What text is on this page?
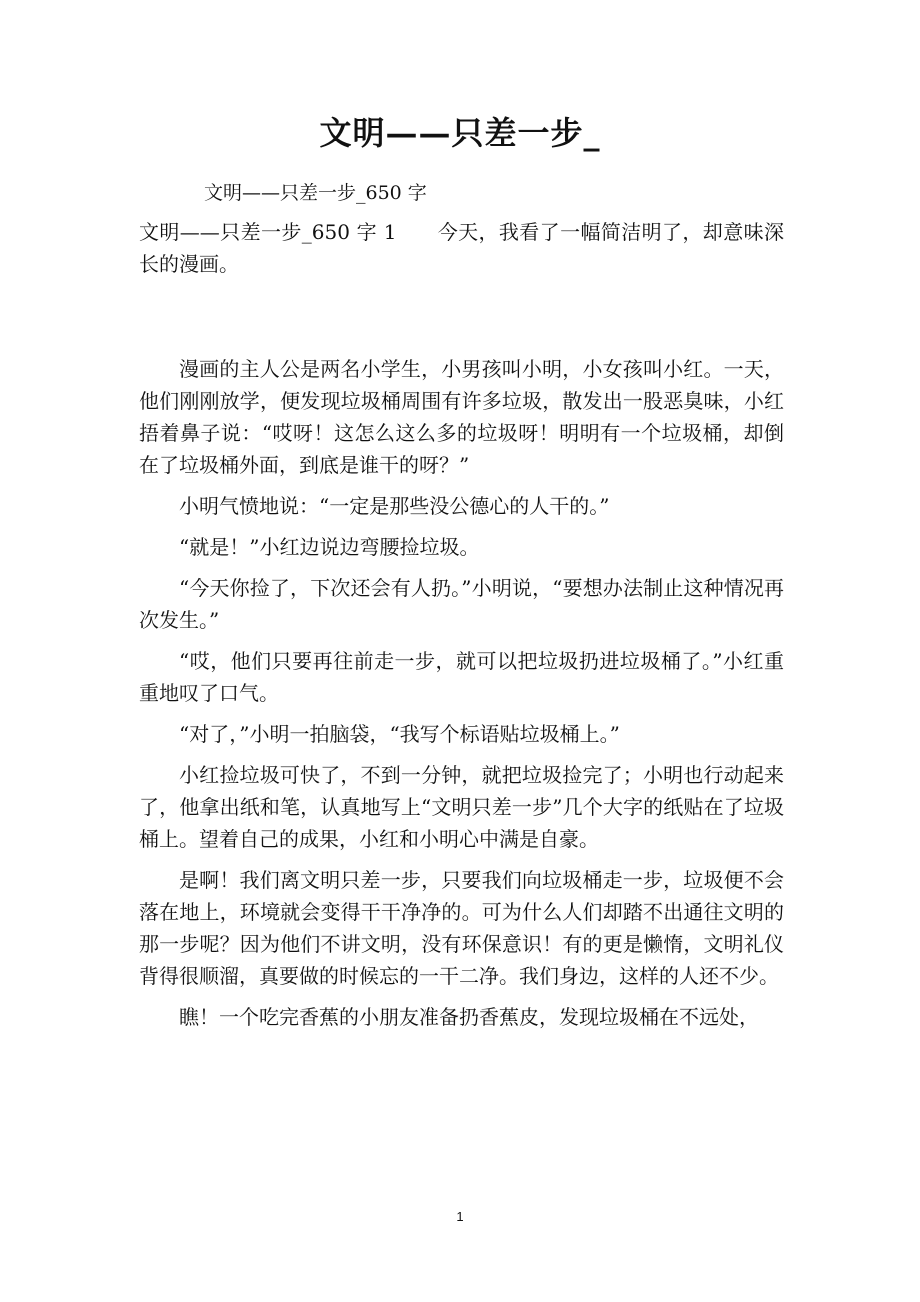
文明——只差一步_
文明——只差一步_650 字

文明——只差一步_650 字 1　　今天，我看了一幅简洁明了，却意味深长的漫画。

漫画的主人公是两名小学生，小男孩叫小明，小女孩叫小红。一天，他们刚刚放学，便发现垃圾桶周围有许多垃圾，散发出一股恶臭味，小红捂着鼻子说：“哎呀！这怎么这么多的垃圾呀！明明有一个垃圾桶，却倒在了垃圾桶外面，到底是谁干的呀？”

小明气愤地说：“一定是那些没公德心的人干的。”

“就是！”小红边说边弯腰捡垃圾。

“今天你捡了，下次还会有人扔。”小明说，“要想办法制止这种情况再次发生。”

“哎，他们只要再往前走一步，就可以把垃圾扔进垃圾桶了。”小红重重地叹了口气。

“对了，”小明一拍脑袋，“我写个标语贴垃圾桶上。”

小红捡垃圾可快了，不到一分钟，就把垃圾捡完了；小明也行动起来了，他拿出纸和笔，认真地写上“文明只差一步”几个大字的纸贴在了垃圾桶上。望着自己的成果，小红和小明心中满是自豪。

是啊！我们离文明只差一步，只要我们向垃圾桶走一步，垃圾便不会落在地上，环境就会变得干干净净的。可为什么人们却踏不出通往文明的那一步呢？因为他们不讲文明，没有环保意识！有的更是懒惰，文明礼仪背得很顺溜，真要做的时候忘的一干二净。我们身边，这样的人还不少。

瞧！一个吃完香蕉的小朋友准备扔香蕉皮，发现垃圾桶在不远处，

1
